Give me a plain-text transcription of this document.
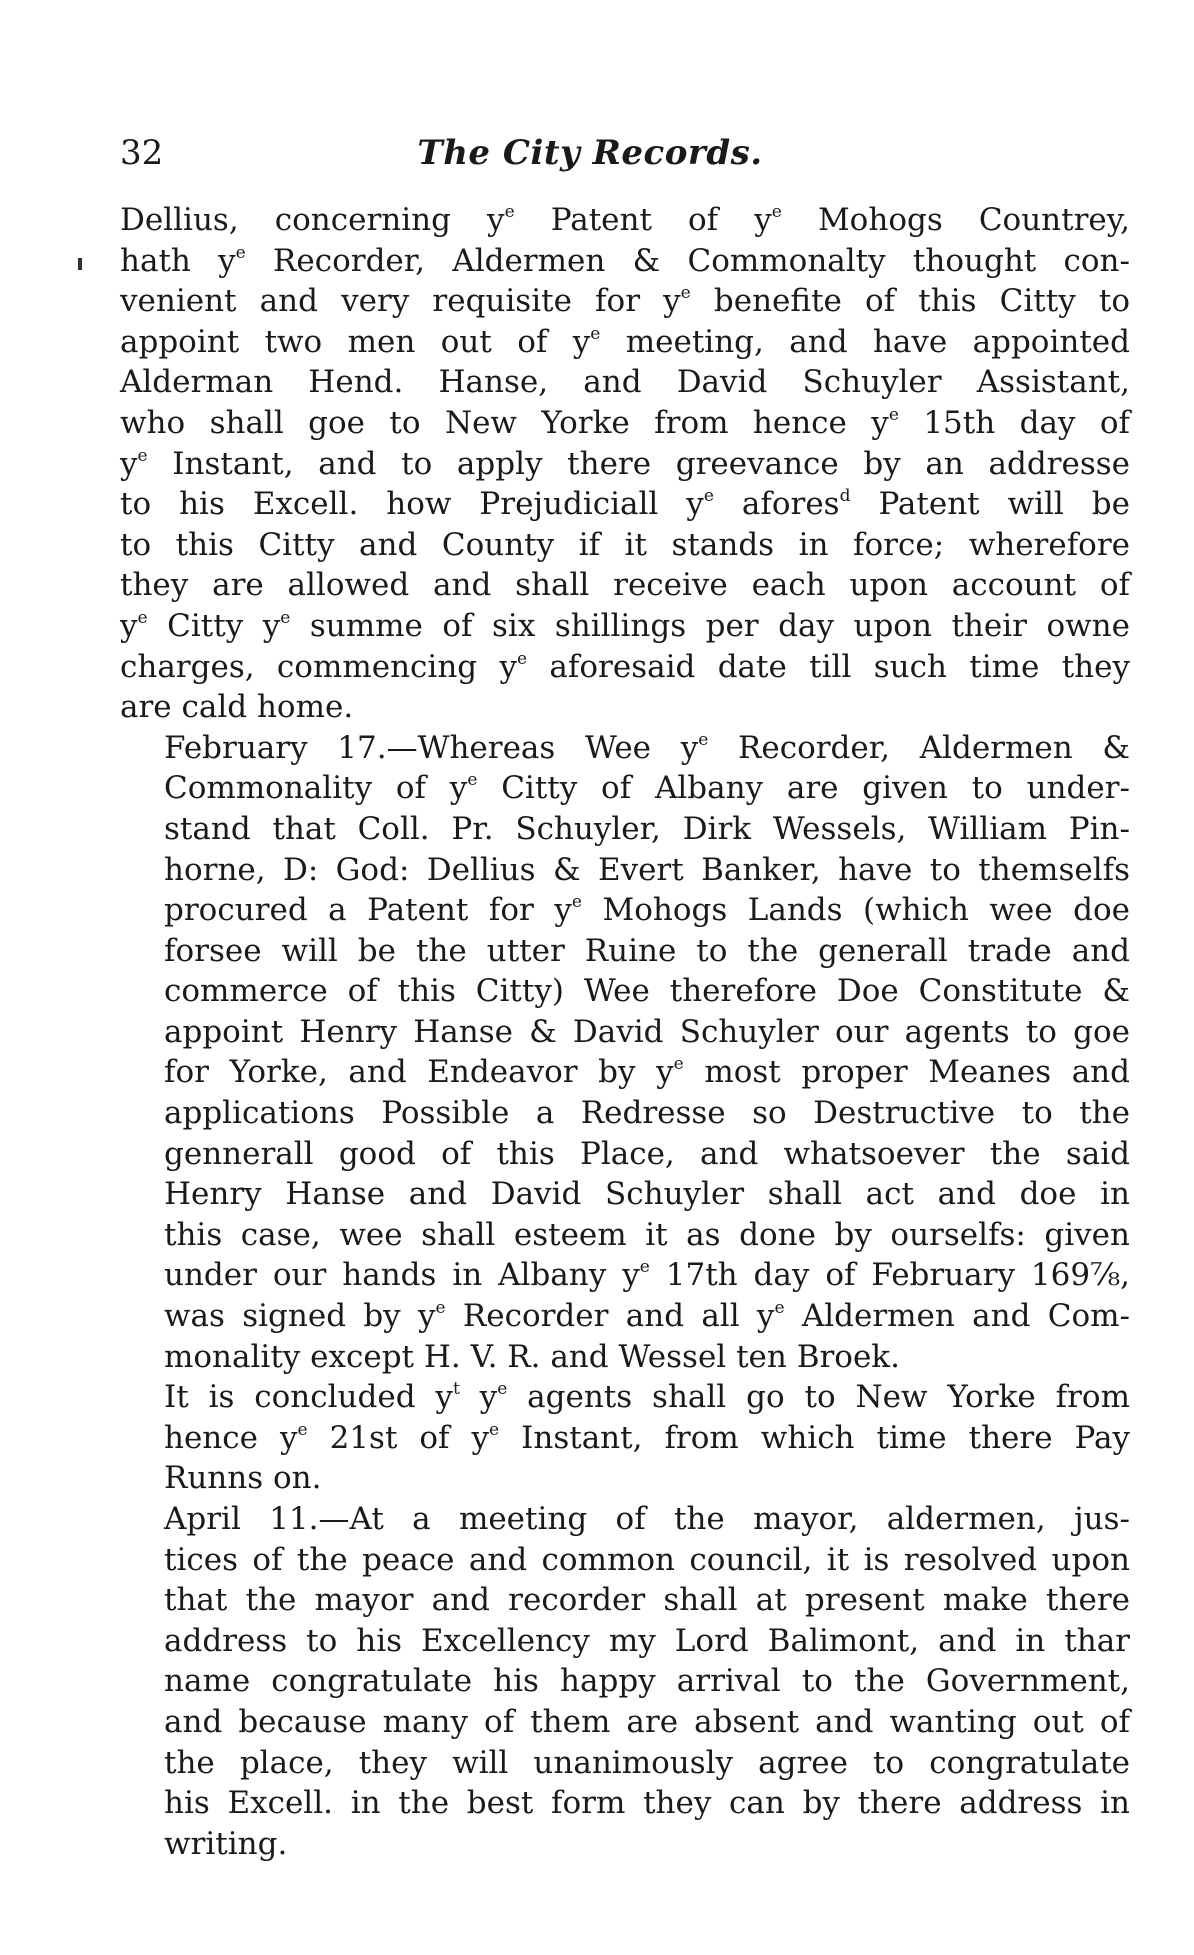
32	The City Records.
Dellius, concerning $y^e$ Patent of $y^e$ Mohogs Countrey,
hath $y^e$ Recorder, Aldermen & Commonalty thought con-
venient and very requisite for $y^e$ benefite of this Citty to
appoint two men out of $y^e$ meeting, and have appointed
Alderman Hend. Hanse, and David Schuyler Assistant,
who shall goe to New Yorke from hence $y^e$ 15th day of
$y^e$ Instant, and to apply there greevance by an addresse
to his Excell. how Prejudiciall $y^e$ afores$^d$ Patent will be
to this Citty and County if it stands in force; wherefore
they are allowed and shall receive each upon account of
$y^e$ Citty $y^e$ summe of six shillings per day upon their owne
charges, commencing $y^e$ aforesaid date till such time they
are cald home.
February 17.—Whereas Wee $y^e$ Recorder, Aldermen &
Commonality of $y^e$ Citty of Albany are given to under-
stand that Coll. Pr. Schuyler, Dirk Wessels, William Pin-
horne, D: God: Dellius & Evert Banker, have to themselfs
procured a Patent for $y^e$ Mohogs Lands (which wee doe
forsee will be the utter Ruine to the generall trade and
commerce of this Citty) Wee therefore Doe Constitute &
appoint Henry Hanse & David Schuyler our agents to goe
for Yorke, and Endeavor by $y^e$ most proper Meanes and
applications Possible a Redresse so Destructive to the
gennerall good of this Place, and whatsoever the said
Henry Hanse and David Schuyler shall act and doe in
this case, wee shall esteem it as done by ourselfs: given
under our hands in Albany $y^e$ 17th day of February 169⅞,
was signed by $y^e$ Recorder and all $y^e$ Aldermen and Com-
monality except H. V. R. and Wessel ten Broek.
It is concluded $y^t$ $y^e$ agents shall go to New Yorke from
hence $y^e$ 21st of $y^e$ Instant, from which time there Pay
Runns on.
April 11.—At a meeting of the mayor, aldermen, jus-
tices of the peace and common council, it is resolved upon
that the mayor and recorder shall at present make there
address to his Excellency my Lord Balimont, and in thar
name congratulate his happy arrival to the Government,
and because many of them are absent and wanting out of
the place, they will unanimously agree to congratulate
his Excell. in the best form they can by there address in
writing.
